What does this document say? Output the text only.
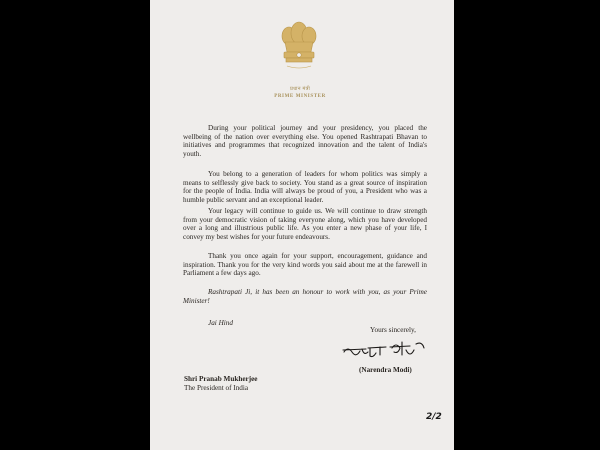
प्रधान मंत्री
PRIME MINISTER
During your political journey and your presidency, you placed the wellbeing of the nation over everything else. You opened Rashtrapati Bhavan to initiatives and programmes that recognized innovation and the talent of India's youth.
You belong to a generation of leaders for whom politics was simply a means to selflessly give back to society. You stand as a great source of inspiration for the people of India. India will always be proud of you, a President who was a humble public servant and an exceptional leader.
Your legacy will continue to guide us. We will continue to draw strength from your democratic vision of taking everyone along, which you have developed over a long and illustrious public life. As you enter a new phase of your life, I convey my best wishes for your future endeavours.
Thank you once again for your support, encouragement, guidance and inspiration. Thank you for the very kind words you said about me at the farewell in Parliament a few days ago.
Rashtrapati Ji, it has been an honour to work with you, as your Prime Minister!
Jai Hind
Yours sincerely,
(Narendra Modi)
Shri Pranab Mukherjee
The President of India
2/2
